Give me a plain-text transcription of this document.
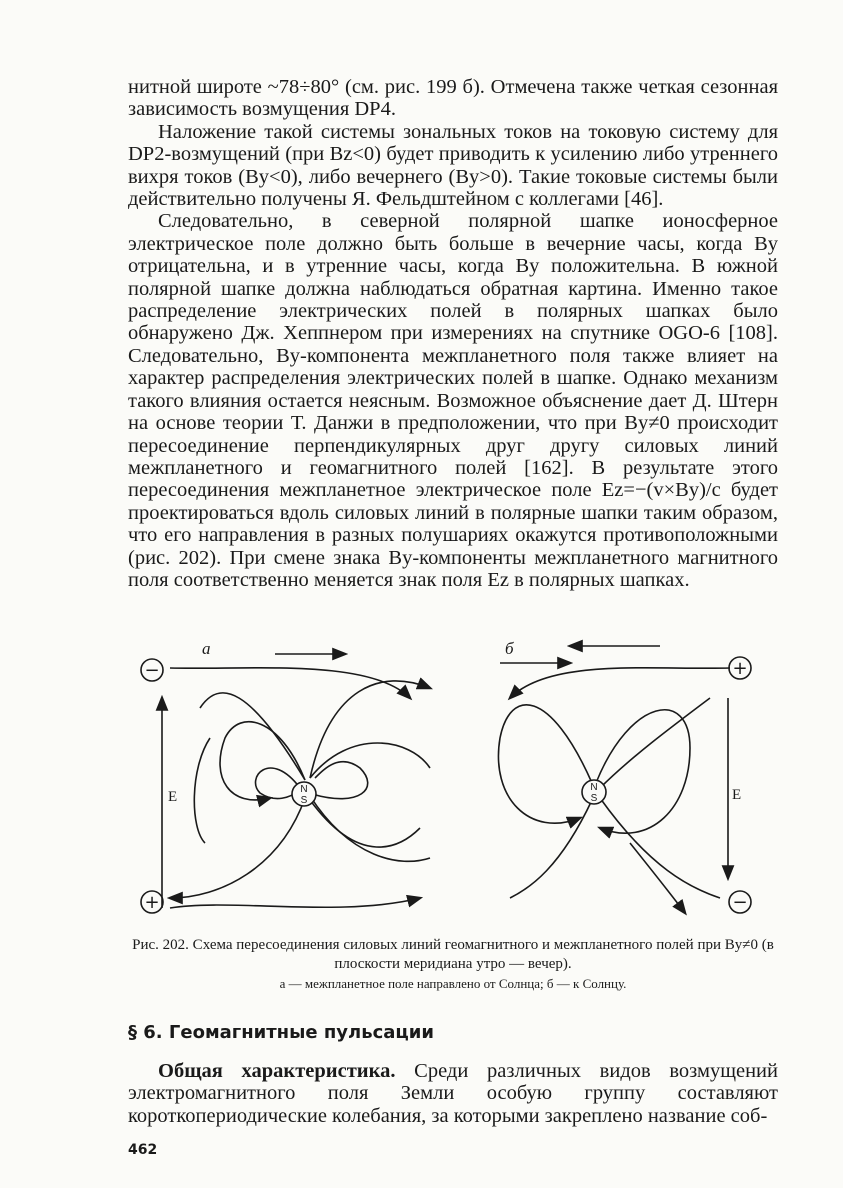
нитной широте ~78÷80° (см. рис. 199 б). Отмечена также четкая сезонная зависимость возмущения DP4.

Наложение такой системы зональных токов на токовую систему для DP2-возмущений (при Bz<0) будет приводить к усилению либо утреннего вихря токов (By<0), либо вечернего (By>0). Такие токовые системы были действительно получены Я. Фельдштейном с коллегами [46].

Следовательно, в северной полярной шапке ионосферное электрическое поле должно быть больше в вечерние часы, когда By отрицательна, и в утренние часы, когда By положительна. В южной полярной шапке должна наблюдаться обратная картина. Именно такое распределение электрических полей в полярных шапках было обнаружено Дж. Хеппнером при измерениях на спутнике OGO-6 [108]. Следовательно, By-компонента межпланетного поля также влияет на характер распределения электрических полей в шапке. Однако механизм такого влияния остается неясным. Возможное объяснение дает Д. Штерн на основе теории Т. Данжи в предположении, что при By≠0 происходит пересоединение перпендикулярных друг другу силовых линий межпланетного и геомагнитного полей [162]. В результате этого пересоединения межпланетное электрическое поле Ez=−(v×By)/c будет проектироваться вдоль силовых линий в полярные шапки таким образом, что его направления в разных полушариях окажутся противоположными (рис. 202). При смене знака By-компоненты межпланетного магнитного поля соответственно меняется знак поля Ez в полярных шапках.

а	б
E	E
−
+
+
−
N
S
N
S
Рис. 202. Схема пересоединения силовых линий геомагнитного и межпланетного полей при By≠0 (в плоскости меридиана утро — вечер).
а — межпланетное поле направлено от Солнца; б — к Солнцу.
§ 6. Геомагнитные пульсации

Общая характеристика. Среди различных видов возмущений электромагнитного поля Земли особую группу составляют короткопериодические колебания, за которыми закреплено название соб-

462
